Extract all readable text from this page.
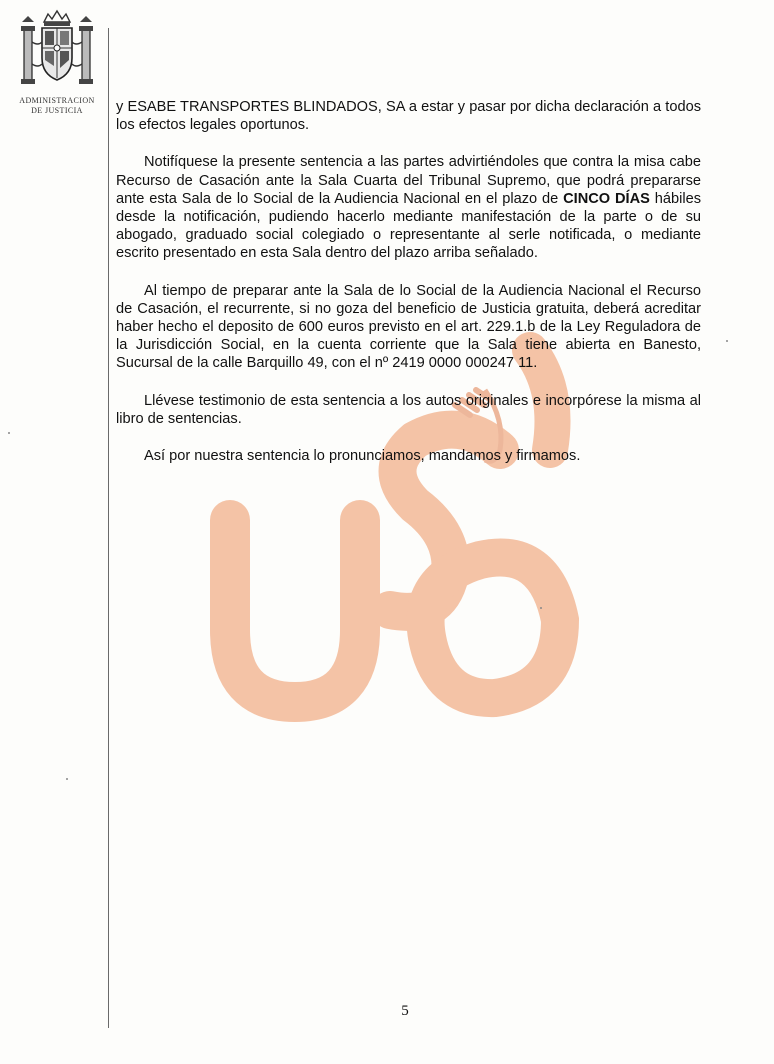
ADMINISTRACION
DE JUSTICIA	y ESABE TRANSPORTES BLINDADOS, SA a estar y pasar por dicha declaración a todos los efectos legales oportunos.

Notifíquese la presente sentencia a las partes advirtiéndoles que contra la misa cabe Recurso de Casación ante la Sala Cuarta del Tribunal Supremo, que podrá prepararse ante esta Sala de lo Social de la Audiencia Nacional en el plazo de CINCO DÍAS hábiles desde la notificación, pudiendo hacerlo mediante manifestación de la parte o de su abogado, graduado social colegiado o representante al serle notificada, o mediante escrito presentado en esta Sala dentro del plazo arriba señalado.

Al tiempo de preparar ante la Sala de lo Social de la Audiencia Nacional el Recurso de Casación, el recurrente, si no goza del beneficio de Justicia gratuita, deberá acreditar haber hecho el deposito de 600 euros previsto en el art. 229.1.b de la Ley Reguladora de la Jurisdicción Social, en la cuenta corriente que la Sala tiene abierta en Banesto, Sucursal de la calle Barquillo 49, con el nº 2419 0000 000247 11.

Llévese testimonio de esta sentencia a los autos originales e incorpórese la misma al libro de sentencias.

Así por nuestra sentencia lo pronunciamos, mandamos y firmamos.

5
